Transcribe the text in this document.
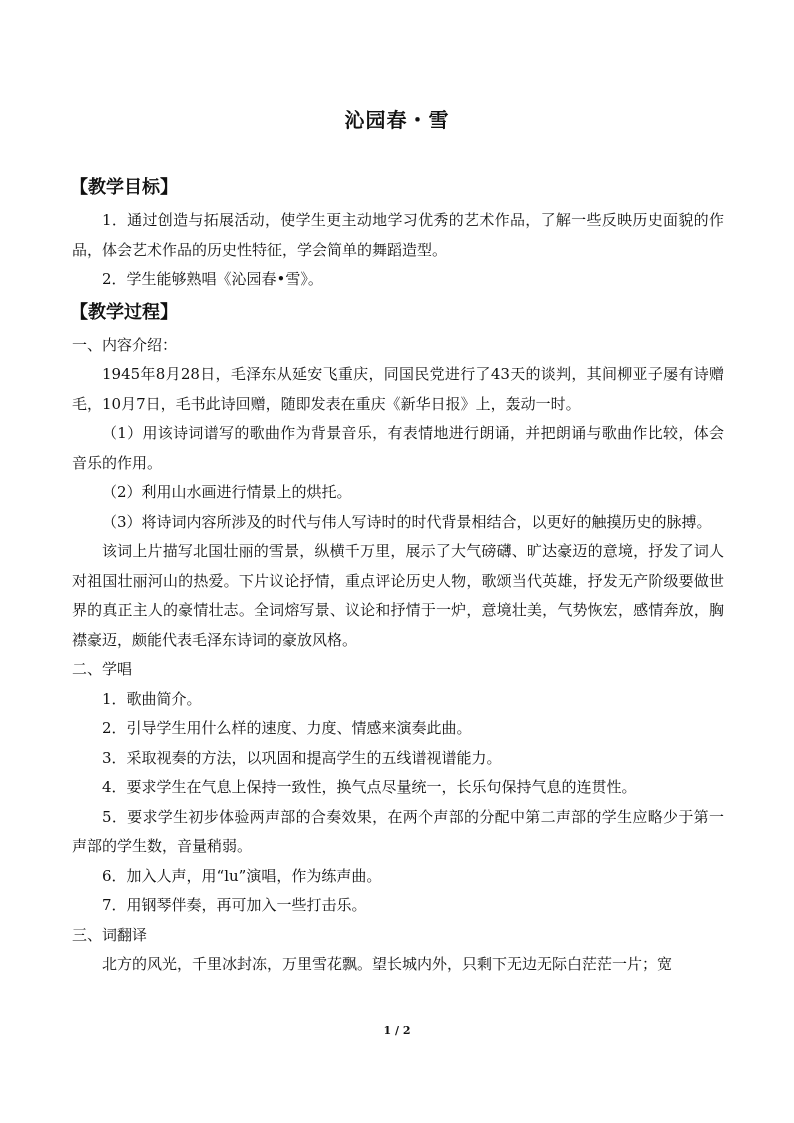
沁园春・雪
【教学目标】

1．通过创造与拓展活动，使学生更主动地学习优秀的艺术作品，了解一些反映历史面貌的作品，体会艺术作品的历史性特征，学会简单的舞蹈造型。

2．学生能够熟唱《沁园春•雪》。

【教学过程】

一、内容介绍：

1945年8月28日，毛泽东从延安飞重庆，同国民党进行了43天的谈判，其间柳亚子屡有诗赠毛，10月7日，毛书此诗回赠，随即发表在重庆《新华日报》上，轰动一时。

（1）用该诗词谱写的歌曲作为背景音乐，有表情地进行朗诵，并把朗诵与歌曲作比较，体会音乐的作用。

（2）利用山水画进行情景上的烘托。

（3）将诗词内容所涉及的时代与伟人写诗时的时代背景相结合，以更好的触摸历史的脉搏。

该词上片描写北国壮丽的雪景，纵横千万里，展示了大气磅礴、旷达豪迈的意境，抒发了词人对祖国壮丽河山的热爱。下片议论抒情，重点评论历史人物，歌颂当代英雄，抒发无产阶级要做世界的真正主人的豪情壮志。全词熔写景、议论和抒情于一炉，意境壮美，气势恢宏，感情奔放，胸襟豪迈，颇能代表毛泽东诗词的豪放风格。

二、学唱

1．歌曲简介。

2．引导学生用什么样的速度、力度、情感来演奏此曲。

3．采取视奏的方法，以巩固和提高学生的五线谱视谱能力。

4．要求学生在气息上保持一致性，换气点尽量统一，长乐句保持气息的连贯性。

5．要求学生初步体验两声部的合奏效果，在两个声部的分配中第二声部的学生应略少于第一声部的学生数，音量稍弱。

6．加入人声，用“lu”演唱，作为练声曲。

7．用钢琴伴奏，再可加入一些打击乐。

三、词翻译

北方的风光，千里冰封冻，万里雪花飘。望长城内外，只剩下无边无际白茫茫一片；宽

1 / 2
